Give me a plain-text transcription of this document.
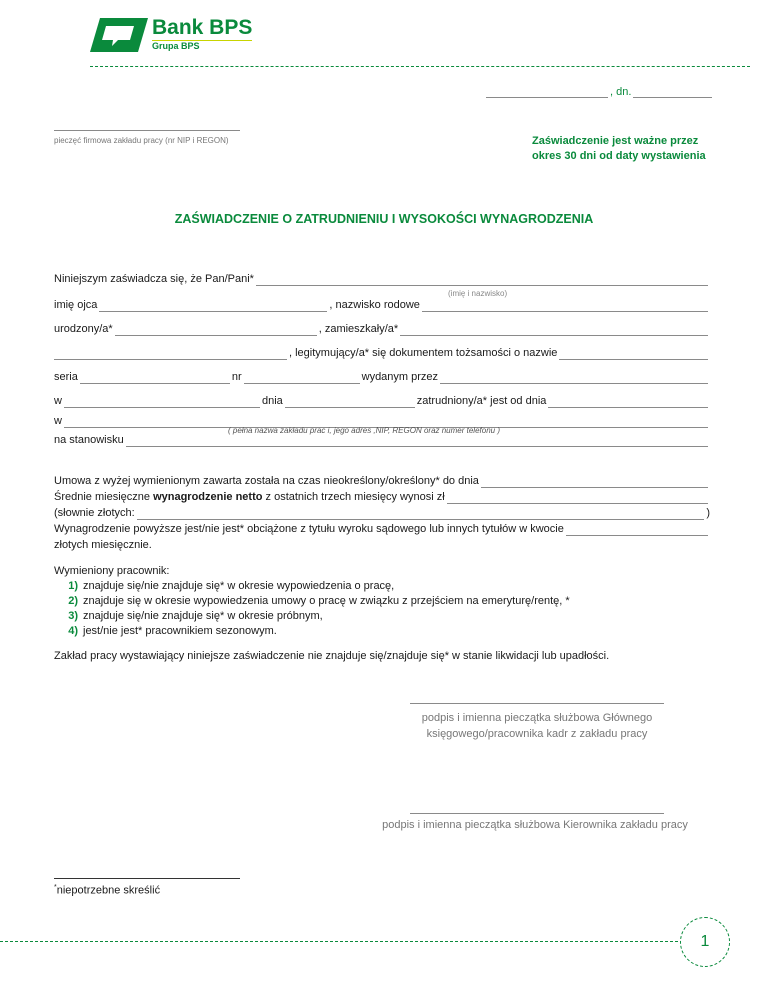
Bank BPS
Grupa BPS
, dn.
pieczęć firmowa zakładu pracy (nr NIP i REGON)	Zaświadczenie jest ważne przez
okres 30 dni od daty wystawienia
ZAŚWIADCZENIE O ZATRUDNIENIU I WYSOKOŚCI WYNAGRODZENIA
Niniejszym zaświadcza się, że Pan/Pani*
(imię i nazwisko)
imię ojca	, nazwisko rodowe
urodzony/a*	, zamieszkały/a*
, legitymujący/a* się dokumentem tożsamości o nazwie
seria	nr	wydanym przez
w	dnia	zatrudniony/a* jest od dnia
w
( pełna nazwa zakładu prac i, jego adres ,NIP, REGON oraz numer telefonu )
na stanowisku
Umowa z wyżej wymienionym zawarta została na czas nieokreślony/określony* do dnia
Średnie miesięczne wynagrodzenie netto z ostatnich trzech miesięcy wynosi zł
(słownie złotych:	)
Wynagrodzenie powyższe jest/nie jest* obciążone z tytułu wyroku sądowego lub innych tytułów w kwocie
złotych miesięcznie.
Wymieniony pracownik:
1) znajduje się/nie znajduje się* w okresie wypowiedzenia o pracę,
2) znajduje się w okresie wypowiedzenia umowy o pracę w związku z przejściem na emeryturę/rentę, *
3) znajduje się/nie znajduje się* w okresie próbnym,
4) jest/nie jest* pracownikiem sezonowym.
Zakład pracy wystawiający niniejsze zaświadczenie nie znajduje się/znajduje się* w stanie likwidacji lub upadłości.
podpis i imienna pieczątka służbowa Głównego
księgowego/pracownika kadr z zakładu pracy
podpis i imienna pieczątka służbowa Kierownika zakładu pracy
*niepotrzebne skreślić
1
